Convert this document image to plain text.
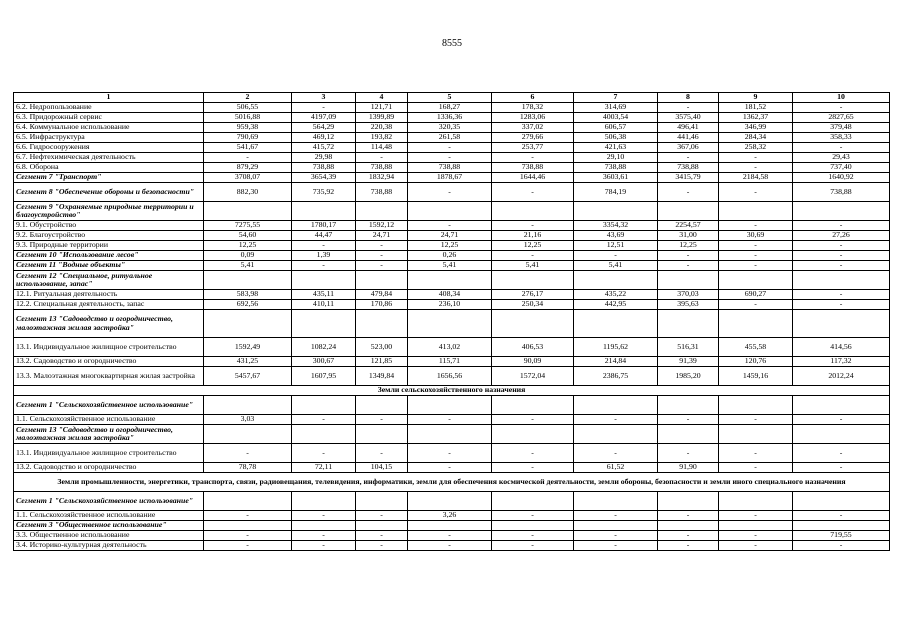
8555
1	2	3	4	5	6	7	8	9	10
6.2. Недропользование	506,55	-	121,71	168,27	178,32	314,69	-	181,52	-
6.3. Придорожный сервис	5016,88	4197,09	1399,89	1336,36	1283,06	4003,54	3575,40	1362,37	2827,65
6.4. Коммунальное использование	959,38	564,29	220,38	320,35	337,02	606,57	496,41	346,99	379,48
6.5. Инфраструктура	790,69	469,12	193,82	261,58	279,66	506,38	441,46	284,34	358,33
6.6. Гидросооружения	541,67	415,72	114,48	-	253,77	421,63	367,06	258,32	-
6.7. Нефтехимическая деятельность	-	29,98	-	-	-	29,10	-	-	29,43
6.8. Оборона	879,29	738,88	738,88	738,88	738,88	738,88	738,88	-	737,40
Сегмент 7 "Транспорт"	3708,07	3654,39	1832,94	1878,67	1644,46	3603,61	3415,79	2184,58	1640,92
Сегмент 8 "Обеспечение обороны и безопасности"	882,30	735,92	738,88	-	-	784,19	-	-	738,88
Сегмент 9 "Охраняемые природные территории и благоустройство"									
9.1. Обустройство	7275,55	1780,17	1592,12	-	-	3354,32	2254,57	-	-
9.2. Благоустройство	54,60	44,47	24,71	24,71	21,16	43,69	31,00	30,69	27,26
9.3. Природные территории	12,25	-	-	12,25	12,25	12,51	12,25	-	-
Сегмент 10 "Использование лесов"	0,09	1,39	-	0,26	-	-	-	-	-
Сегмент 11 "Водные объекты"	5,41	-	-	5,41	5,41	5,41	-	-	-
Сегмент 12 "Специальное, ритуальное использование, запас"									
12.1. Ритуальная деятельность	583,98	435,11	479,84	408,34	276,17	435,22	370,03	690,27	-
12.2. Специальная деятельность, запас	692,56	410,11	170,86	236,10	250,34	442,95	395,63	-	-
Сегмент 13 "Садоводство и огородничество, малоэтажная жилая застройка"									
13.1. Индивидуальное жилищное строительство	1592,49	1082,24	523,00	413,02	406,53	1195,62	516,31	455,58	414,56
13.2. Садоводство и огородничество	431,25	300,67	121,85	115,71	90,09	214,84	91,39	120,76	117,32
13.3. Малоэтажная многоквартирная жилая застройка	5457,67	1607,95	1349,84	1656,56	1572,04	2386,75	1985,20	1459,16	2012,24
Земли сельскохозяйственного назначения									
Сегмент 1 "Сельскохозяйственное использование"									
1.1. Сельскохозяйственное использование	3,03	-	-	-	-	-	-	-	-
Сегмент 13 "Садоводство и огородничество, малоэтажная жилая застройка"									
13.1. Индивидуальное жилищное строительство	-	-	-	-	-	-	-	-	-
13.2. Садоводство и огородничество	78,78	72,11	104,15	-	-	61,52	91,90	-	-
Земли промышленности, энергетики, транспорта, связи, радиовещания, телевидения, информатики, земли для обеспечения космической деятельности, земли обороны, безопасности и земли иного специального назначения									
Сегмент 1 "Сельскохозяйственное использование"									
1.1. Сельскохозяйственное использование	-	-	-	3,26	-	-	-	-	-
Сегмент 3 "Общественное использование"									
3.3. Общественное использование	-	-	-	-	-	-	-	-	719,55
3.4. Историко-культурная деятельность	-	-	-	-	-	-	-	-	-
